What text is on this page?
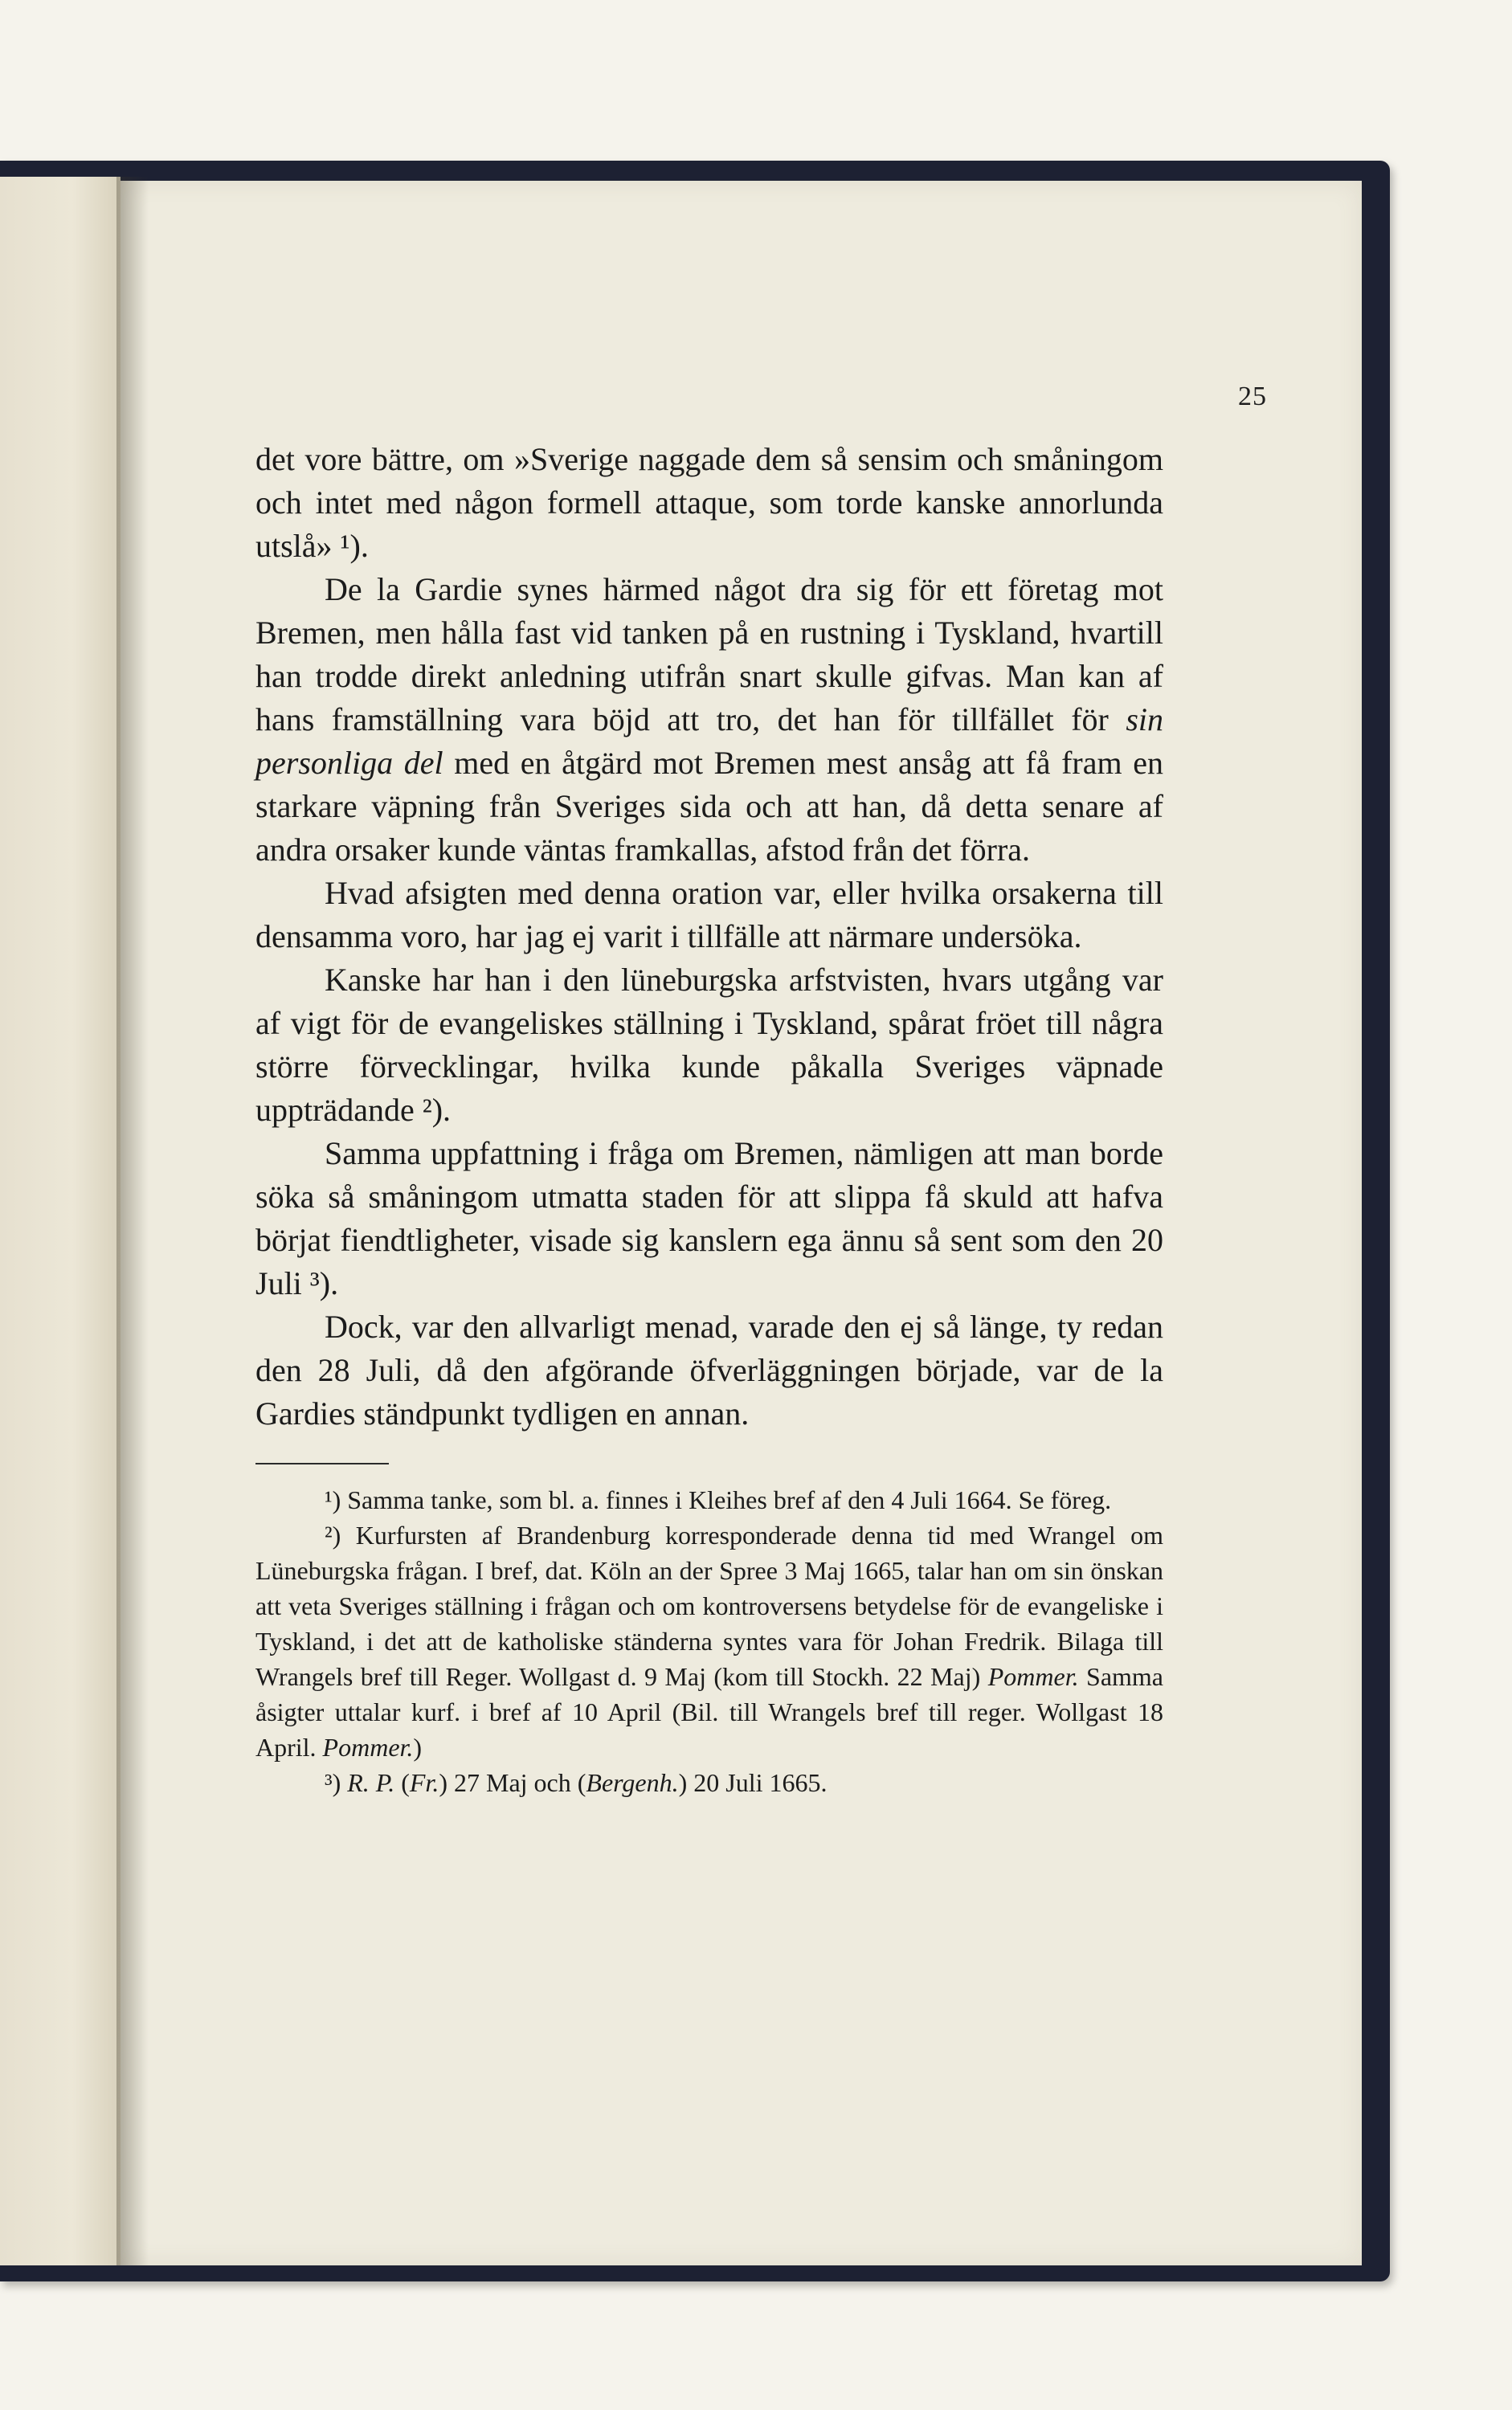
25

det vore bättre, om »Sverige naggade dem så sensim och småningom och intet med någon formell attaque, som torde kanske annorlunda utslå» ¹).

De la Gardie synes härmed något dra sig för ett företag mot Bremen, men hålla fast vid tanken på en rustning i Tyskland, hvartill han trodde direkt anledning utifrån snart skulle gifvas. Man kan af hans framställning vara böjd att tro, det han för tillfället för sin personliga del med en åtgärd mot Bremen mest ansåg att få fram en starkare väpning från Sveriges sida och att han, då detta senare af andra orsaker kunde väntas framkallas, afstod från det förra.

Hvad afsigten med denna oration var, eller hvilka orsakerna till densamma voro, har jag ej varit i tillfälle att närmare undersöka.

Kanske har han i den lüneburgska arfstvisten, hvars utgång var af vigt för de evangeliskes ställning i Tyskland, spårat fröet till några större förvecklingar, hvilka kunde påkalla Sveriges väpnade uppträdande ²).

Samma uppfattning i fråga om Bremen, nämligen att man borde söka så småningom utmatta staden för att slippa få skuld att hafva börjat fiendtligheter, visade sig kanslern ega ännu så sent som den 20 Juli ³).

Dock, var den allvarligt menad, varade den ej så länge, ty redan den 28 Juli, då den afgörande öfverläggningen började, var de la Gardies ständpunkt tydligen en annan.

¹) Samma tanke, som bl. a. finnes i Kleihes bref af den 4 Juli 1664. Se föreg.

²) Kurfursten af Brandenburg korresponderade denna tid med Wrangel om Lüneburgska frågan. I bref, dat. Köln an der Spree 3 Maj 1665, talar han om sin önskan att veta Sveriges ställning i frågan och om kontroversens betydelse för de evangeliske i Tyskland, i det att de katholiske ständerna syntes vara för Johan Fredrik. Bilaga till Wrangels bref till Reger. Wollgast d. 9 Maj (kom till Stockh. 22 Maj) Pommer. Samma åsigter uttalar kurf. i bref af 10 April (Bil. till Wrangels bref till reger. Wollgast 18 April. Pommer.)

³) R. P. (Fr.) 27 Maj och (Bergenh.) 20 Juli 1665.
